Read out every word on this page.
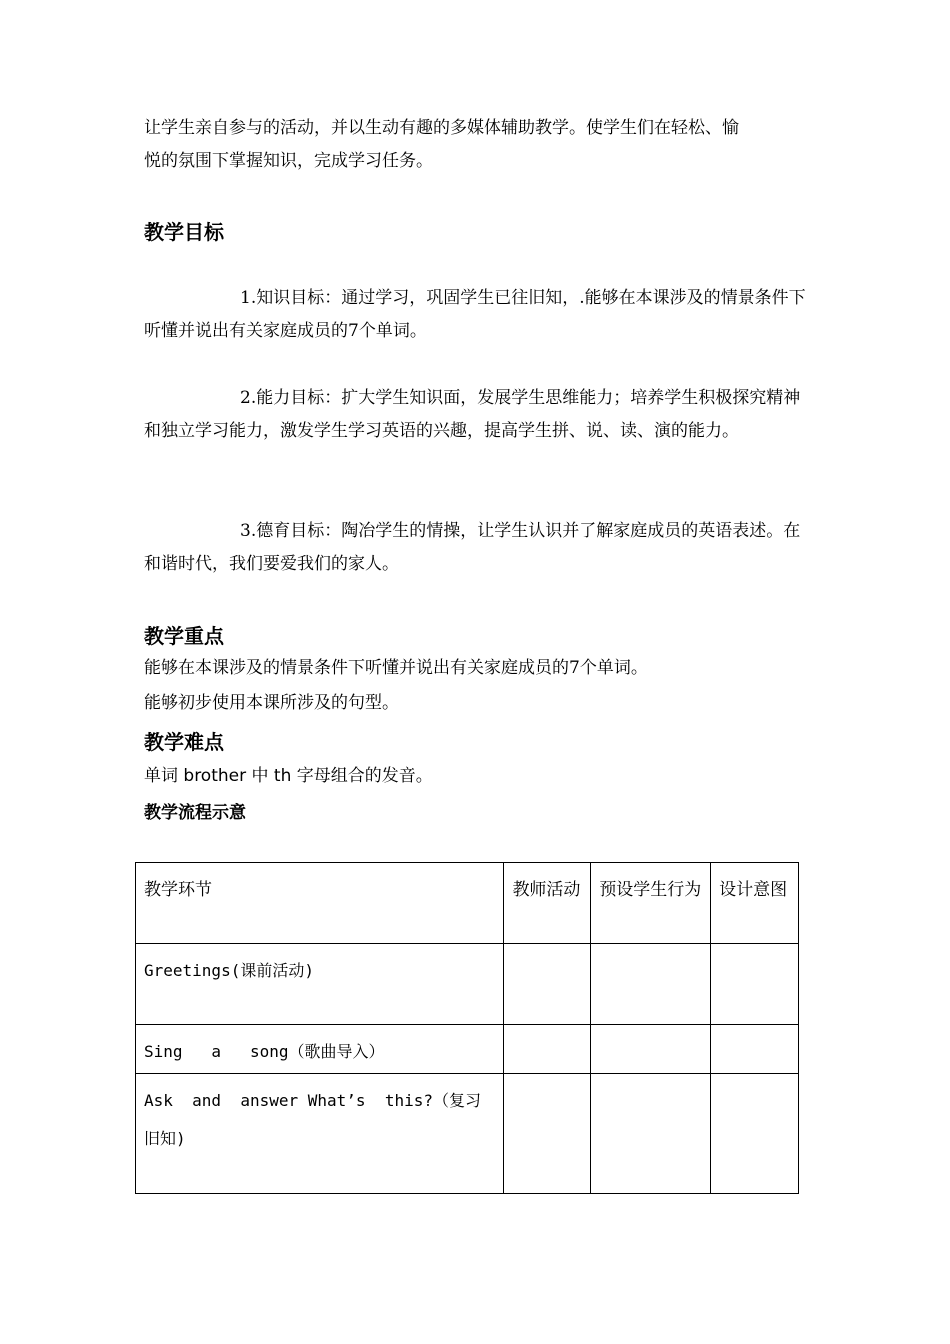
让学生亲自参与的活动，并以生动有趣的多媒体辅助教学。使学生们在轻松、愉

悦的氛围下掌握知识，完成学习任务。

教学目标

1.知识目标：通过学习，巩固学生已往旧知，.能够在本课涉及的情景条件下听懂并说出有关家庭成员的7个单词。

2.能力目标：扩大学生知识面，发展学生思维能力；培养学生积极探究精神和独立学习能力，激发学生学习英语的兴趣，提高学生拼、说、读、演的能力。

3.德育目标：陶冶学生的情操，让学生认识并了解家庭成员的英语表述。在和谐时代，我们要爱我们的家人。

教学重点

能够在本课涉及的情景条件下听懂并说出有关家庭成员的7个单词。

能够初步使用本课所涉及的句型。

教学难点

单词 brother 中 th 字母组合的发音。

教学流程示意
教学环节	教师活动	预设学生行为	设计意图
Greetings(课前活动)			
Sing   a   song（歌曲导入）			
Ask  and  answer What’s  this?（复习旧知)			
